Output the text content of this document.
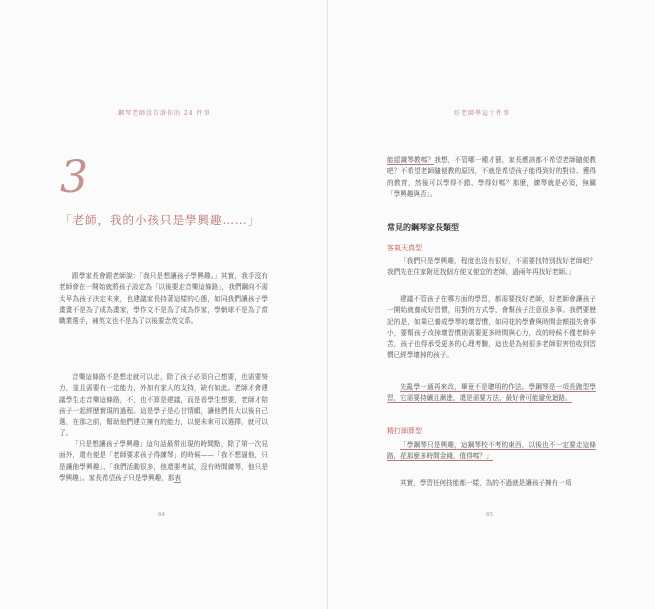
鋼琴老師沒告訴你的 24 件事
3
「老師，我的小孩只是學興趣……」
跟學家長會跟老師說：「我只是想讓孩子學興趣。」其實，我手沒有老師會在一開始就將孩子設定為「以後要走音樂這條路」，我們鋼向不需太早為孩子決定未來，也建議家長持著這樣的心態，如同我們讓孩子學畫畫不是為了成為畫家，學作文不是為了成為作家，學網球不是為了當職業選手，補英文也不是為了以後要念英文系。
音樂這條路不是想走就可以走，除了孩子必須自己想要，也需要努力，並且需要有一定能力，外加有家人的支持，缺有如此。老師才會建議學生走音樂這條路，不，也不算是建議，而是看學生想要，老師才陪孩子一起經歷實現的過程。這是學子是心甘情願，讓他們長大以後自己選，在那之前，幫助他們建立擁有的能力，以便未來可以選擇，就可以了。
「只是想讓孩子學興趣」這句話最常出現的時間點，除了第一次見面外，還有便是「老師要求孩子得練琴」的時候——「我不想逼他，只是讓他學興趣」、「我們活動很多，他還要考試，沒有時間練琴，他只是學興趣」。家長希望孩子只是學興趣，那表
64
好老師學這十件事
能認識琴教嗎？我想，不管哪一種才藝，家長應該都不希望老師隨便教吧？不希望老師隨便教的原因，不就是希望孩子能得到好的對待、獲得的教育，然後可以學得不錯、學得好嗎？那麼，練琴就是必須，無關「學興趣與否」。
常見的鋼琴家長類型
客氣天真型
「我們只是學興趣，程度也沒有很好，不需要找特別找好老師吧？我們先在住家附近找個方便又便宜的老師，過兩年再找好老師。」
建議不管孩子在哪方面的學習，都需要找好老師，好老師會讓孩子一開始就養成好習慣，用對的方式學，會幫孩子注意很多事。我們要歷記的是，如果已養成學琴的壞習慣，如同花的學費與時間金額損失會事小，要幫孩子改掉壞習慣則需要更多時間與心力，改的時候不僅老師辛苦，孩子也得承受更多的心理考驗，這也是為何很多老師很害怕收到習慣已經學壞掉的孩子。
先亂學一通再來改，畢竟不是聰明的作法。學鋼琴是一項長跑型學習，它需要持續且漸進，還是需要方法，最好會可能避免迴路。
精打細算型
「學鋼琴只是興趣，這鋼琴校不考的東西，以後也不一定要走這條路，花那麼多時間金錢，值得嗎？」
其實，學習任何技能都一樣，為的不過就是讓孩子擁有一項
65
